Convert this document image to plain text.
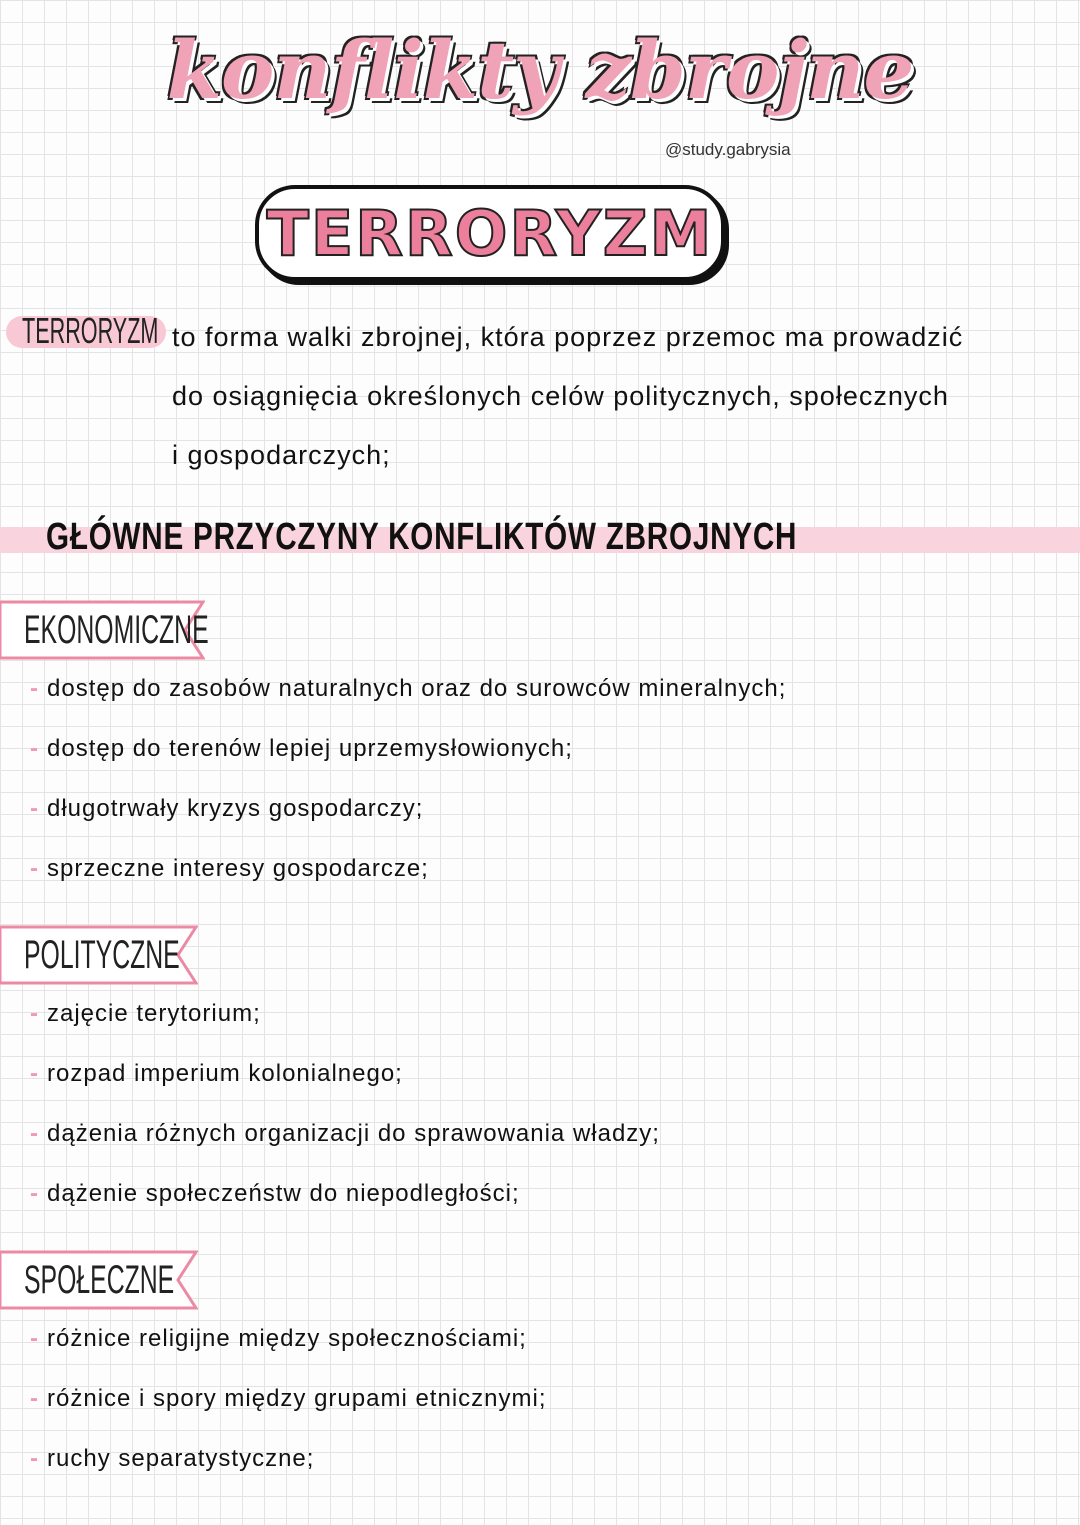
konflikty zbrojne
@study.gabrysia
TERRORYZM
TERRORYZM to forma walki zbrojnej, która poprzez przemoc ma prowadzić
do osiągnięcia określonych celów politycznych, społecznych
i gospodarczych;
GŁÓWNE PRZYCZYNY KONFLIKTÓW ZBROJNYCH
EKONOMICZNE
- dostęp do zasobów naturalnych oraz do surowców mineralnych;
- dostęp do terenów lepiej uprzemysłowionych;
- długotrwały kryzys gospodarczy;
- sprzeczne interesy gospodarcze;
POLITYCZNE
- zajęcie terytorium;
- rozpad imperium kolonialnego;
- dążenia różnych organizacji do sprawowania władzy;
- dążenie społeczeństw do niepodległości;
SPOŁECZNE
- różnice religijne między społecznościami;
- różnice i spory między grupami etnicznymi;
- ruchy separatystyczne;
